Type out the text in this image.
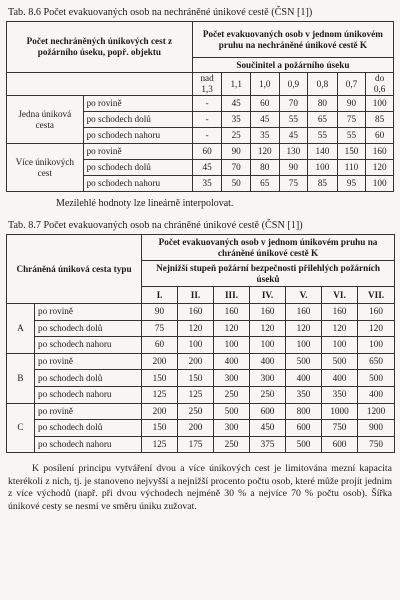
Tab. 8.6 Počet evakuovaných osob na nechráněné únikové cestě (ČSN [1])
Počet nechráněných únikových cest z požárního úseku, popř. objektu		Počet evakuovaných osob v jednom únikovém pruhu na nechráněné únikové cestě K						
		Součinitel a požárního úseku						
		nad 1,3	1,1	1,0	0,9	0,8	0,7	do 0,6
Jedna úniková cesta	po rovině	-	45	60	70	80	90	100
	po schodech dolů	-	35	45	55	65	75	85
	po schodech nahoru	-	25	35	45	55	55	60
Více únikových cest	po rovině	60	90	120	130	140	150	160
	po schodech dolů	45	70	80	90	100	110	120
	po schodech nahoru	35	50	65	75	85	95	100
Mezilehlé hodnoty lze lineárně interpolovat.
Tab. 8.7 Počet evakuovaných osob na chráněné únikové cestě (ČSN [1])
Chráněná úniková cesta typu		Počet evakuovaných osob v jednom únikovém pruhu na chráněné únikové cestě K						
		Nejnižší stupeň požární bezpečnosti přilehlých požárních úseků						
		I.	II.	III.	IV.	V.	VI.	VII.
A	po rovině	90	160	160	160	160	160	160
	po schodech dolů	75	120	120	120	120	120	120
	po schodech nahoru	60	100	100	100	100	100	100
B	po rovině	200	200	400	400	500	500	650
	po schodech dolů	150	150	300	300	400	400	500
	po schodech nahoru	125	125	250	250	350	350	400
C	po rovině	200	250	500	600	800	1000	1200
	po schodech dolů	150	200	300	450	600	750	900
	po schodech nahoru	125	175	250	375	500	600	750

K posílení principu vytváření dvou a více únikových cest je limitována mezní kapacita kterékoli z nich, tj. je stanoveno nejvyšší a nejnižší procento počtu osob, které může projít jednim z více východů (např. při dvou východech nejméně 30 % a nejvíce 70 % počtu osob). Šířka únikové cesty se nesmí ve směru úniku zužovat.
